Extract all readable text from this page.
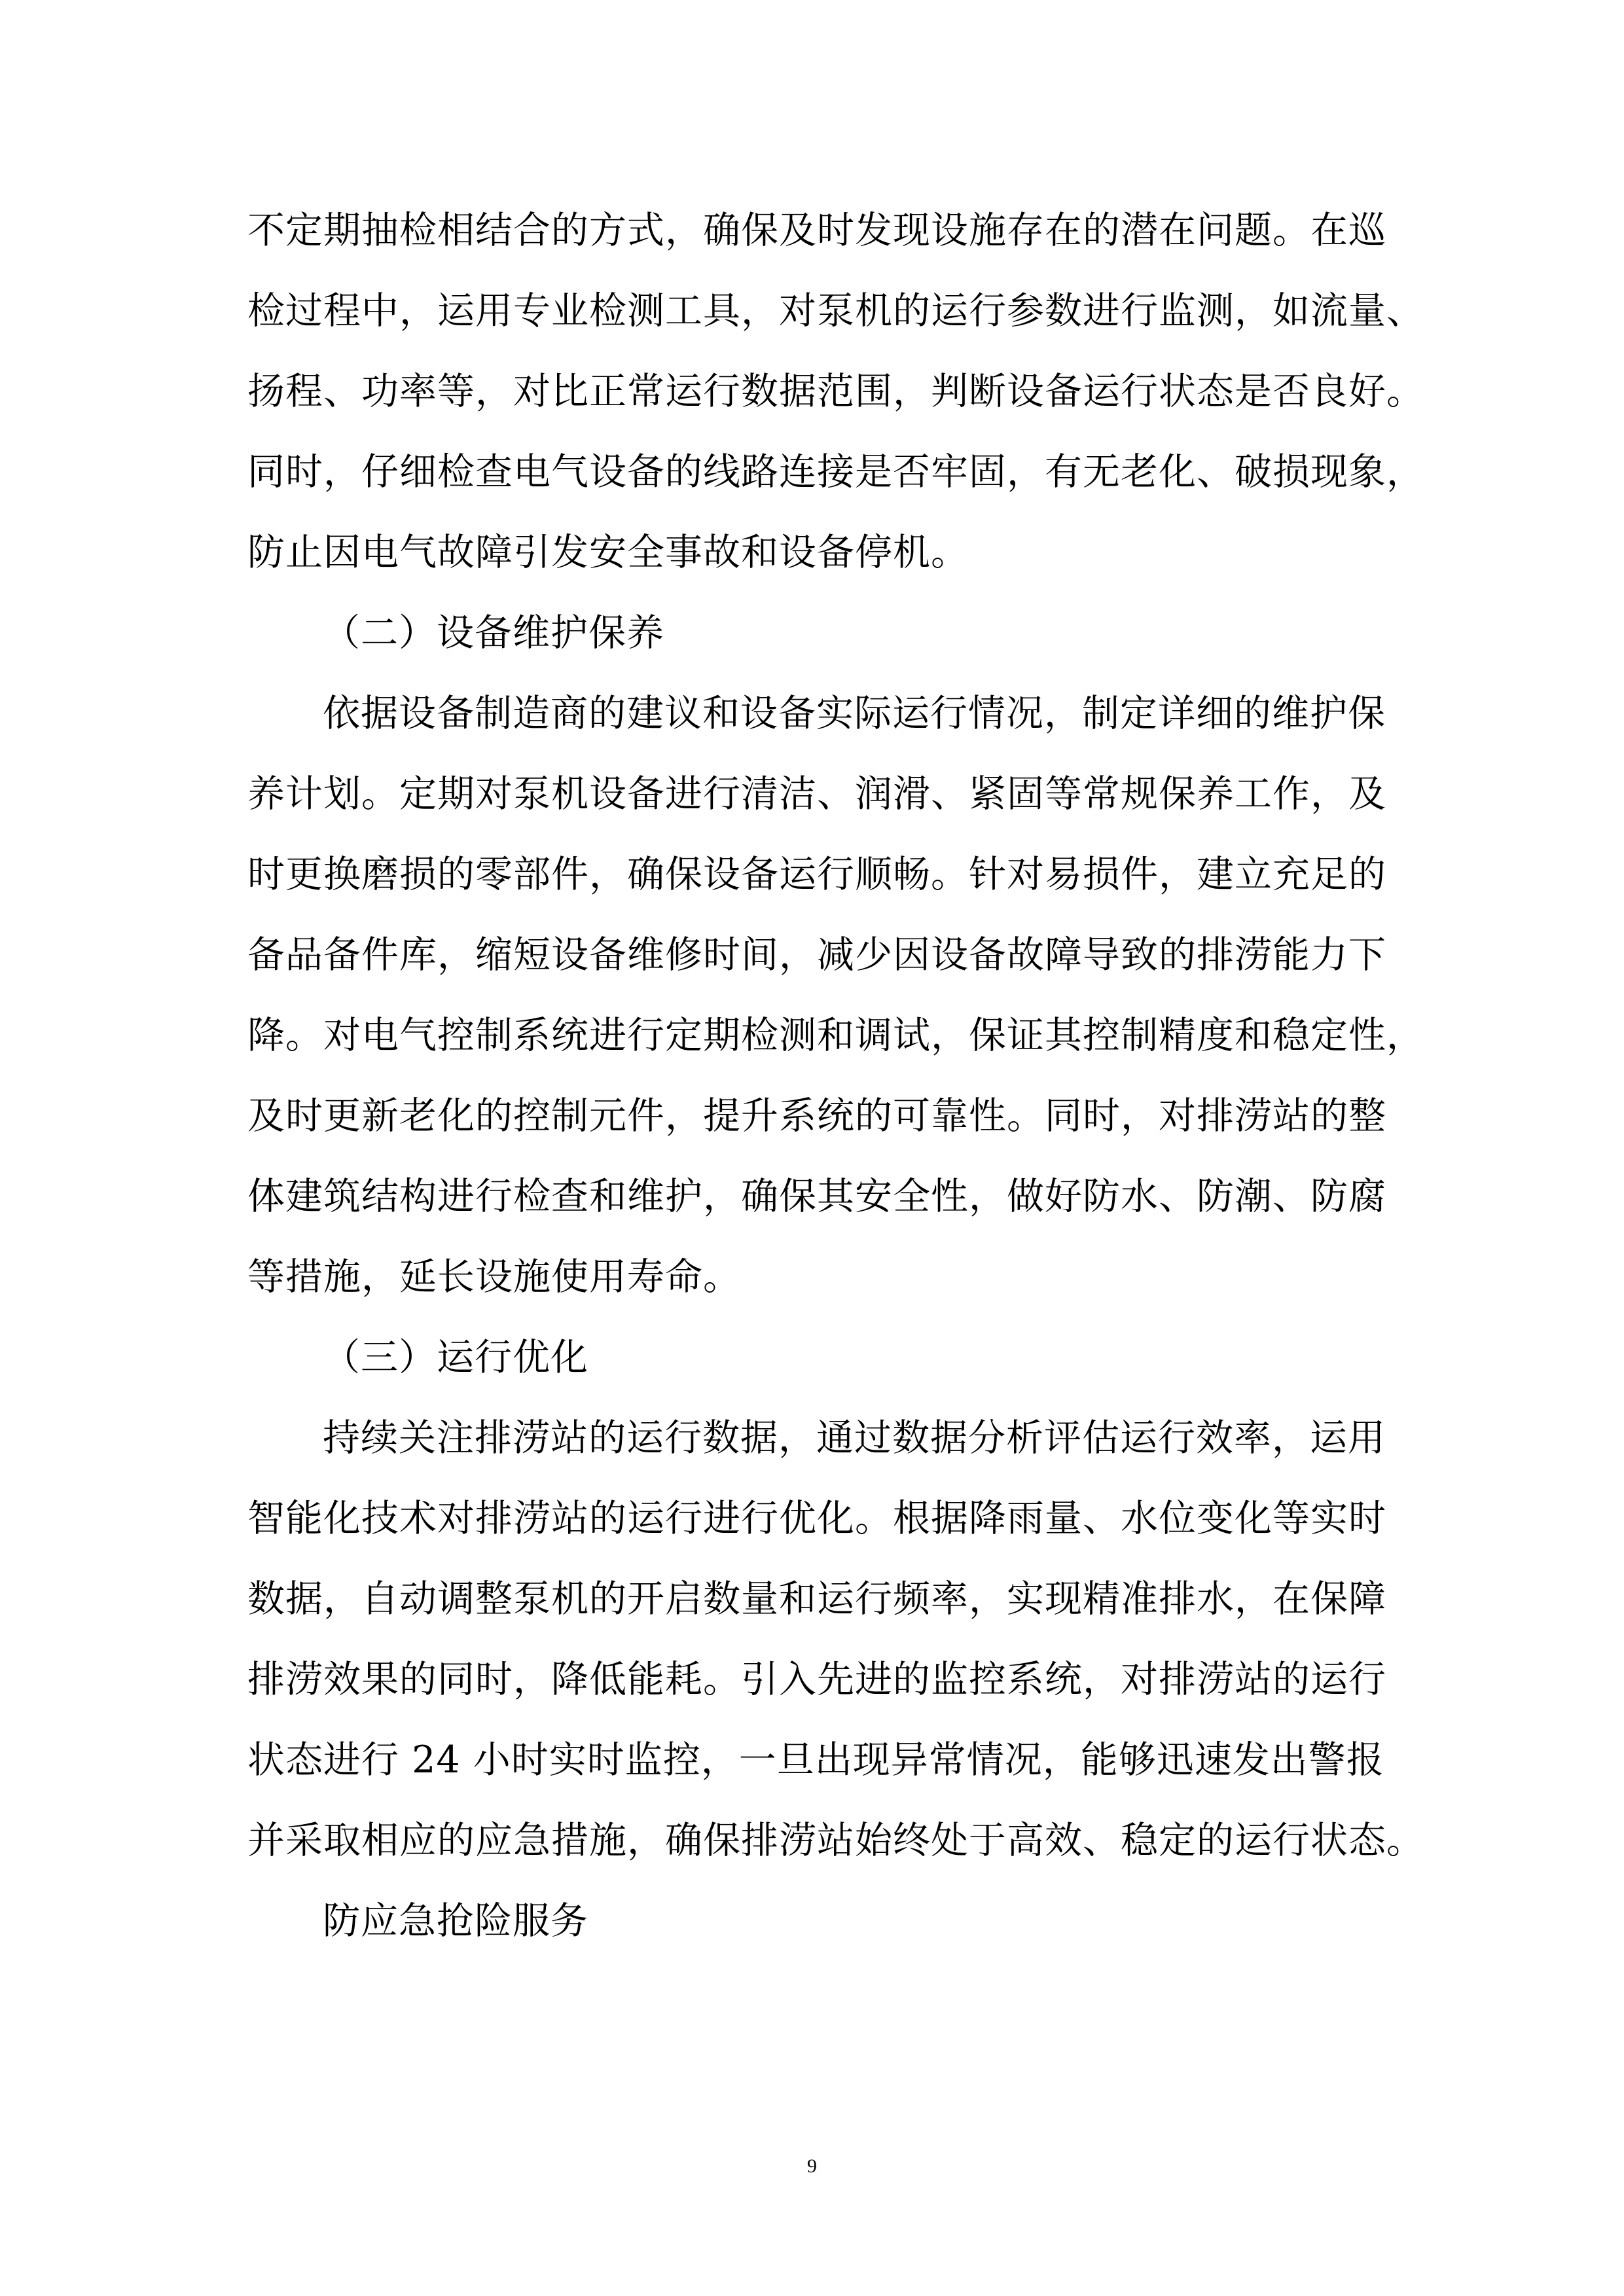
不定期抽检相结合的方式，确保及时发现设施存在的潜在问题。在巡
检过程中，运用专业检测工具，对泵机的运行参数进行监测，如流量、
扬程、功率等，对比正常运行数据范围，判断设备运行状态是否良好。
同时，仔细检查电气设备的线路连接是否牢固，有无老化、破损现象，
防止因电气故障引发安全事故和设备停机。
（二）设备维护保养
依据设备制造商的建议和设备实际运行情况，制定详细的维护保
养计划。定期对泵机设备进行清洁、润滑、紧固等常规保养工作，及
时更换磨损的零部件，确保设备运行顺畅。针对易损件，建立充足的
备品备件库，缩短设备维修时间，减少因设备故障导致的排涝能力下
降。对电气控制系统进行定期检测和调试，保证其控制精度和稳定性，
及时更新老化的控制元件，提升系统的可靠性。同时，对排涝站的整
体建筑结构进行检查和维护，确保其安全性，做好防水、防潮、防腐
等措施，延长设施使用寿命。
（三）运行优化
持续关注排涝站的运行数据，通过数据分析评估运行效率，运用
智能化技术对排涝站的运行进行优化。根据降雨量、水位变化等实时
数据，自动调整泵机的开启数量和运行频率，实现精准排水，在保障
排涝效果的同时，降低能耗。引入先进的监控系统，对排涝站的运行
状态进行 24 小时实时监控，一旦出现异常情况，能够迅速发出警报
并采取相应的应急措施，确保排涝站始终处于高效、稳定的运行状态。
防应急抢险服务
9
